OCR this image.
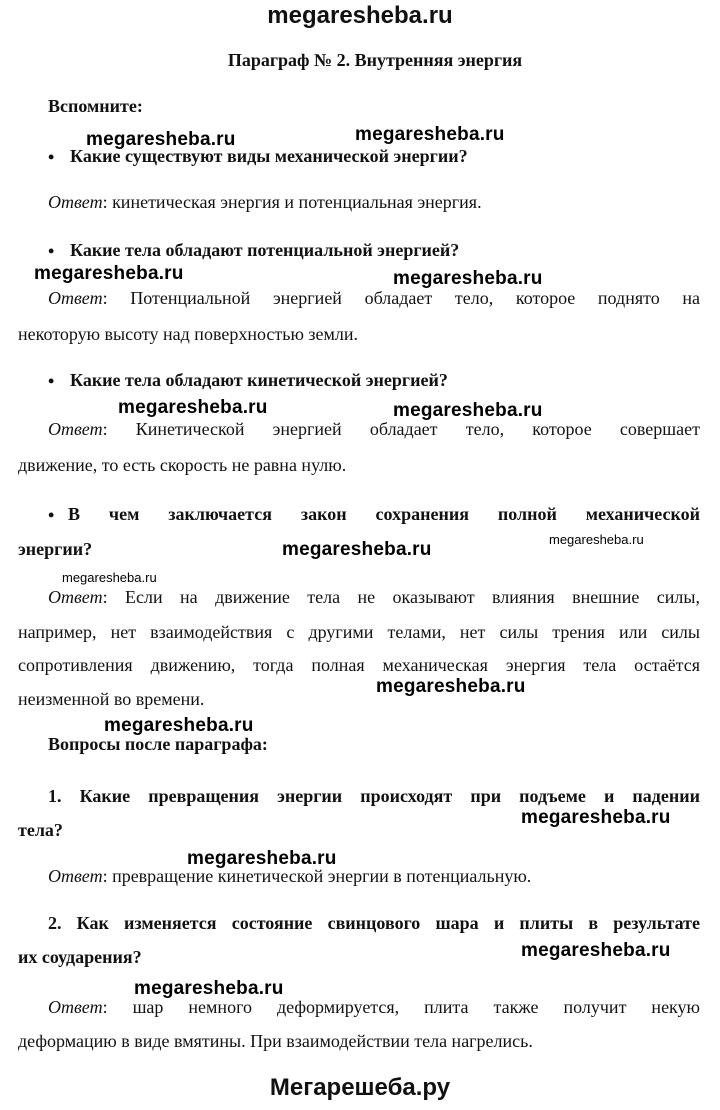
megaresheba.ru
Параграф № 2. Внутренняя энергия
Вспомните:
megaresheba.ru	megaresheba.ru
• Какие существуют виды механической энергии?
Ответ: кинетическая энергия и потенциальная энергия.
• Какие тела обладают потенциальной энергией?
megaresheba.ru	megaresheba.ru
Ответ: Потенциальной энергией обладает тело, которое поднято на
некоторую высоту над поверхностью земли.
• Какие тела обладают кинетической энергией?
megaresheba.ru	megaresheba.ru
Ответ: Кинетической энергией обладает тело, которое совершает
движение, то есть скорость не равна нулю.
• В чем заключается закон сохранения полной механической
энергии?	megaresheba.ru	megaresheba.ru
megaresheba.ru
Ответ: Если на движение тела не оказывают влияния внешние силы,
например, нет взаимодействия с другими телами, нет силы трения или силы
сопротивления движению, тогда полная механическая энергия тела остаётся
неизменной во времени.
megaresheba.ru
megaresheba.ru
Вопросы после параграфа:
1. Какие превращения энергии происходят при подъеме и падении
тела?
megaresheba.ru
megaresheba.ru
Ответ: превращение кинетической энергии в потенциальную.
2. Как изменяется состояние свинцового шара и плиты в результате
их соударения?	megaresheba.ru
megaresheba.ru
Ответ: шар немного деформируется, плита также получит некую
деформацию в виде вмятины. При взаимодействии тела нагрелись.
Мегарешеба.ру
